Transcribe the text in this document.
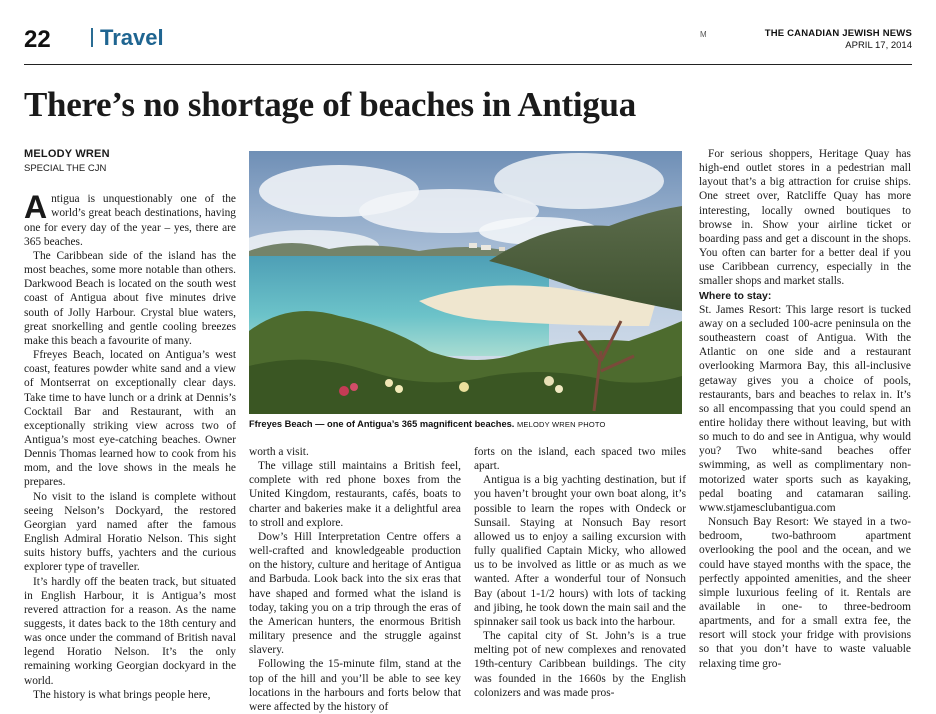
22 Travel	M	THE CANADIAN JEWISH NEWS
APRIL 17, 2014
There’s no shortage of beaches in Antigua
MELODY WREN
SPECIAL THE CJN

Antigua is unquestionably one of the world’s great beach destinations, having one for every day of the year – yes, there are 365 beaches.

The Caribbean side of the island has the most beaches, some more notable than others. Darkwood Beach is located on the south west coast of Antigua about five minutes drive south of Jolly Harbour. Crystal blue waters, great snorkelling and gentle cooling breezes make this beach a favourite of many.

Ffreyes Beach, located on Antigua’s west coast, features powder white sand and a view of Montserrat on exceptionally clear days. Take time to have lunch or a drink at Dennis’s Cocktail Bar and Restaurant, with an exceptionally striking view across two of Antigua’s most eye-catching beaches. Owner Dennis Thomas learned how to cook from his mom, and the love shows in the meals he prepares.

No visit to the island is complete without seeing Nelson’s Dockyard, the restored Georgian yard named after the famous English Admiral Horatio Nelson. This sight suits history buffs, yachters and the curious explorer type of traveller.

It’s hardly off the beaten track, but situated in English Harbour, it is Antigua’s most revered attraction for a reason. As the name suggests, it dates back to the 18th century and was once under the command of British naval legend Horatio Nelson. It’s the only remaining working Georgian dockyard in the world.

The history is what brings people here,

Ffreyes Beach — one of Antigua’s 365 magnificent beaches. MELODY WREN PHOTO

worth a visit.

The village still maintains a British feel, complete with red phone boxes from the United Kingdom, restaurants, cafés, boats to charter and bakeries make it a delightful area to stroll and explore.

Dow’s Hill Interpretation Centre offers a well-crafted and knowledgeable production on the history, culture and heritage of Antigua and Barbuda. Look back into the six eras that have shaped and formed what the island is today, taking you on a trip through the eras of the American hunters, the enormous British military presence and the struggle against slavery.

Following the 15-minute film, stand at the top of the hill and you’ll be able to see key locations in the harbours and forts below that were affected by the history of

forts on the island, each spaced two miles apart.

Antigua is a big yachting destination, but if you haven’t brought your own boat along, it’s possible to learn the ropes with Ondeck or Sunsail. Staying at Nonsuch Bay resort allowed us to enjoy a sailing excursion with fully qualified Captain Micky, who allowed us to be involved as little or as much as we wanted. After a wonderful tour of Nonsuch Bay (about 1-1/2 hours) with lots of tacking and jibing, he took down the main sail and the spinnaker sail took us back into the harbour.

The capital city of St. John’s is a true melting pot of new complexes and renovated 19th-century Caribbean buildings. The city was founded in the 1660s by the English colonizers and was made pros-

For serious shoppers, Heritage Quay has high-end outlet stores in a pedestrian mall layout that’s a big attraction for cruise ships. One street over, Ratcliffe Quay has more interesting, locally owned boutiques to browse in. Show your airline ticket or boarding pass and get a discount in the shops. You often can barter for a better deal if you use Caribbean currency, especially in the smaller shops and market stalls.

Where to stay:

St. James Resort: This large resort is tucked away on a secluded 100-acre peninsula on the southeastern coast of Antigua. With the Atlantic on one side and a restaurant overlooking Marmora Bay, this all-inclusive getaway gives you a choice of pools, restaurants, bars and beaches to relax in. It’s so all encompassing that you could spend an entire holiday there without leaving, but with so much to do and see in Antigua, why would you? Two white-sand beaches offer swimming, as well as complimentary non-motorized water sports such as kayaking, pedal boating and catamaran sailing. www.stjamesclubantigua.com

Nonsuch Bay Resort: We stayed in a two-bedroom, two-bathroom apartment overlooking the pool and the ocean, and we could have stayed months with the space, the perfectly appointed amenities, and the sheer simple luxurious feeling of it. Rentals are available in one- to three-bedroom apartments, and for a small extra fee, the resort will stock your fridge with provisions so that you don’t have to waste valuable relaxing time gro-
